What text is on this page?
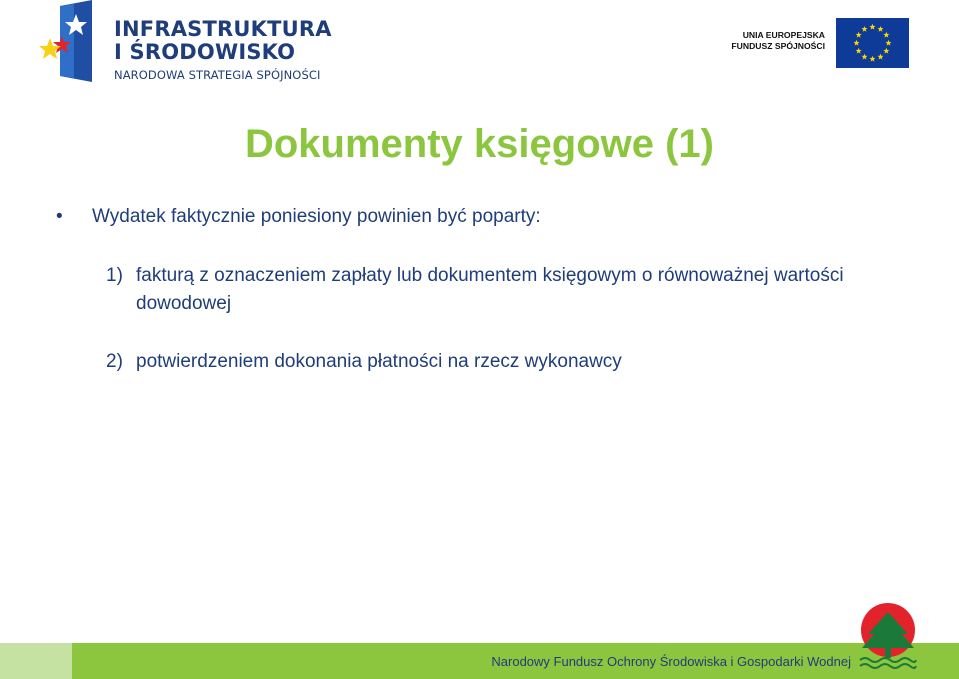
INFRASTRUKTURA
I ŚRODOWISKO
NARODOWA STRATEGIA SPÓJNOŚCI
UNIA EUROPEJSKA
FUNDUSZ SPÓJNOŚCI
Dokumenty księgowe (1)
• Wydatek faktycznie poniesiony powinien być poparty:
1) fakturą z oznaczeniem zapłaty lub dokumentem księgowym o równoważnej wartości dowodowej
2) potwierdzeniem dokonania płatności na rzecz wykonawcy
Narodowy Fundusz Ochrony Środowiska i Gospodarki Wodnej
